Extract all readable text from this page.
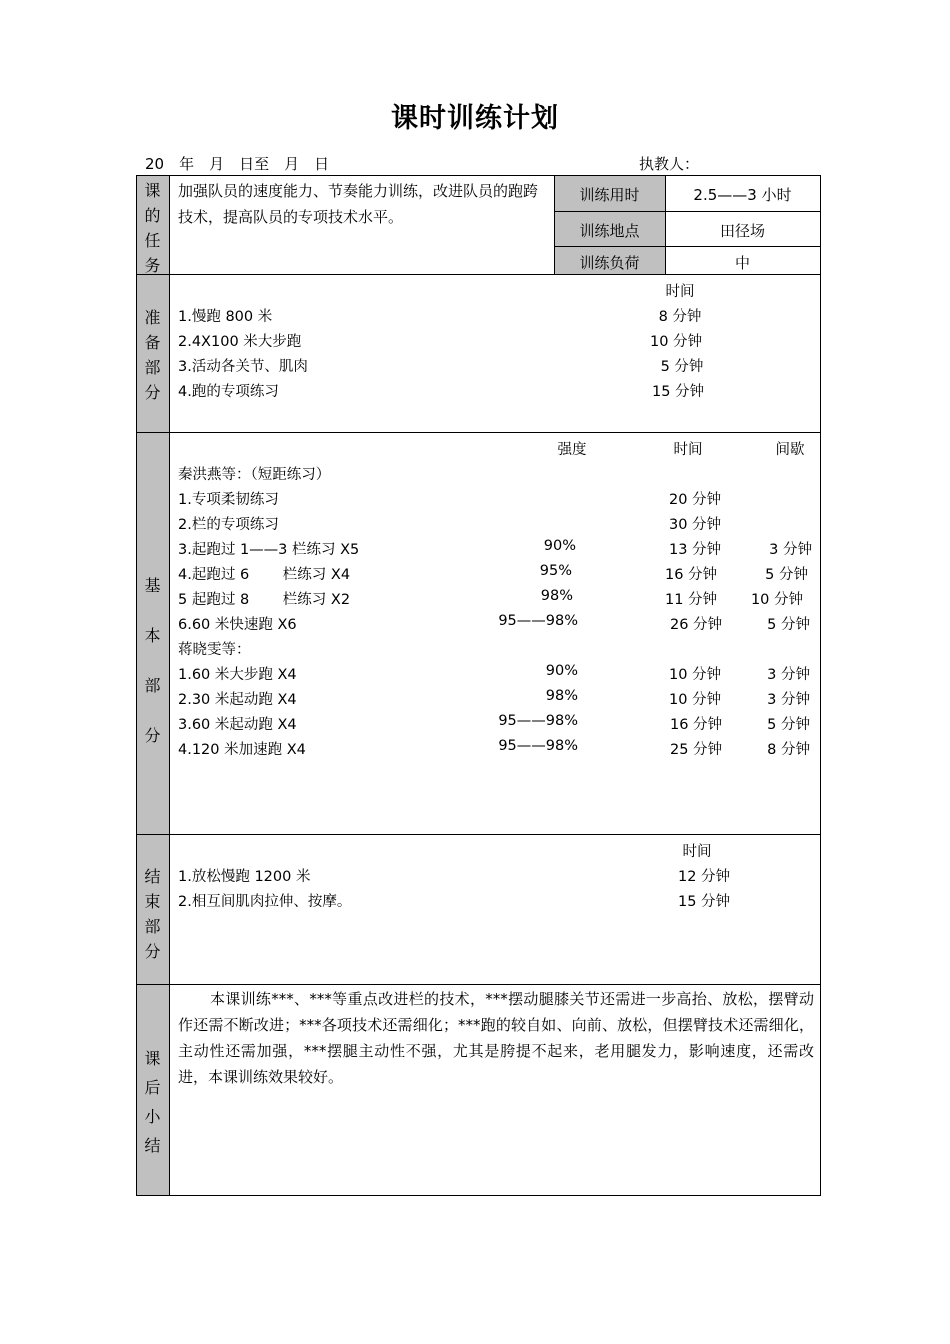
课时训练计划
20　年　月　日至　月　日	执教人：
课
的
任
务
加强队员的速度能力、节奏能力训练，改进队员的跑跨技术，提高队员的专项技术水平。
训练用时	2.5——3 小时
训练地点	田径场
训练负荷	中
准
备
部
分
时间
1.慢跑 800 米	8 分钟
2.4X100 米大步跑	10 分钟
3.活动各关节、肌肉	5 分钟
4.跑的专项练习	15 分钟
基
本
部
分
强度	时间	间歇
秦洪燕等：（短距练习）
1.专项柔韧练习	20 分钟
2.栏的专项练习	30 分钟
3.起跑过 1——3 栏练习 X5	90%	13 分钟	3 分钟
4.起跑过 6　　 栏练习 X4	95%	16 分钟	5 分钟
5 起跑过 8　　 栏练习 X2	98%	11 分钟	10 分钟
6.60 米快速跑 X6	95——98%	26 分钟	5 分钟
蒋晓雯等：
1.60 米大步跑 X4	90%	10 分钟	3 分钟
2.30 米起动跑 X4	98%	10 分钟	3 分钟
3.60 米起动跑 X4	95——98%	16 分钟	5 分钟
4.120 米加速跑 X4	95——98%	25 分钟	8 分钟
结
束
部
分
时间
1.放松慢跑 1200 米	12 分钟
2.相互间肌肉拉伸、按摩。	15 分钟
课
后
小
结
本课训练***、***等重点改进栏的技术，***摆动腿膝关节还需进一步高抬、放松，摆臂动作还需不断改进；***各项技术还需细化；***跑的较自如、向前、放松，但摆臂技术还需细化，主动性还需加强，***摆腿主动性不强，尤其是胯提不起来，老用腿发力，影响速度，还需改进，本课训练效果较好。
